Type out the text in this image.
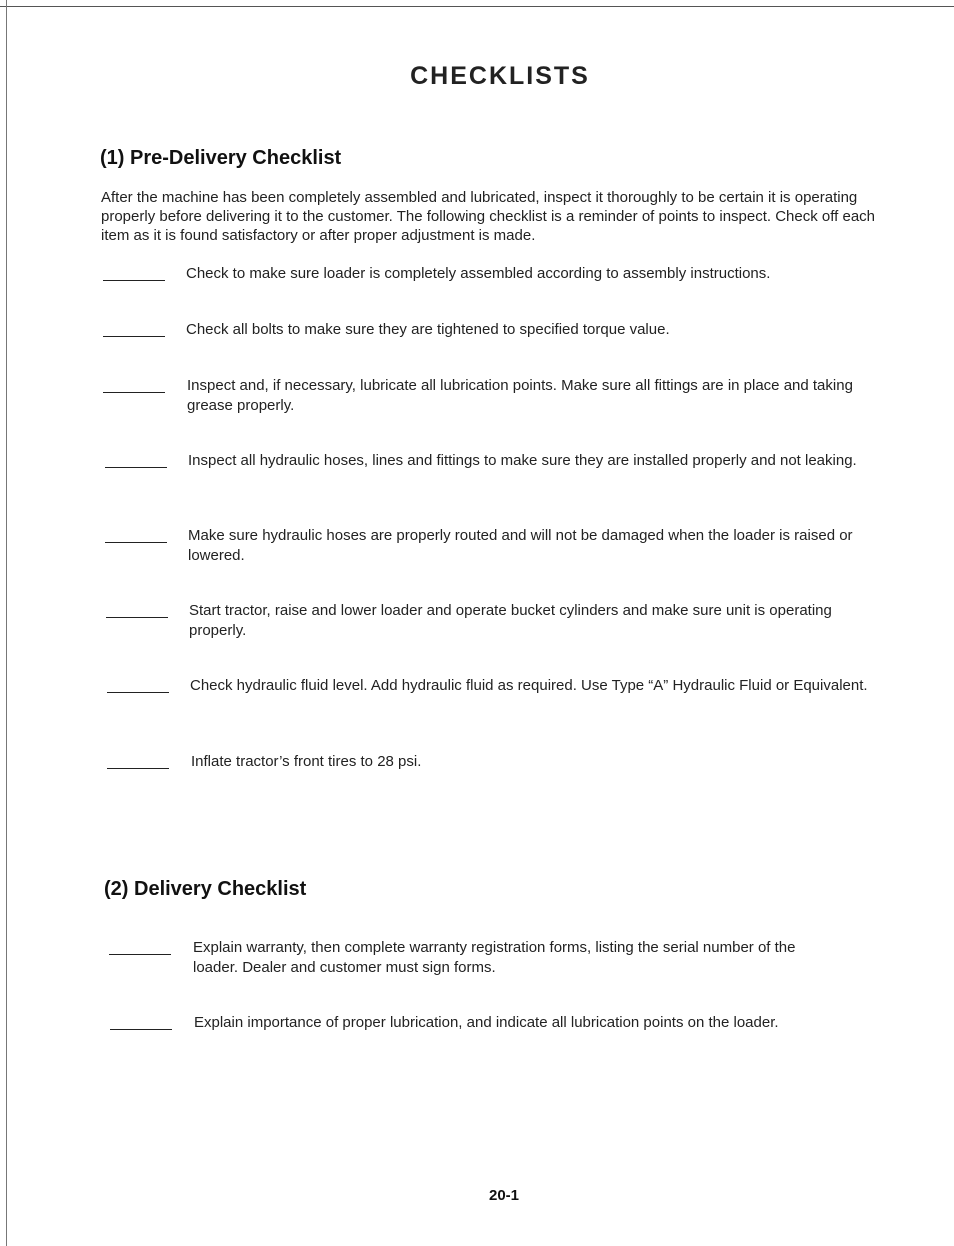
CHECKLISTS
(1) Pre-Delivery Checklist
After the machine has been completely assembled and lubricated, inspect it thoroughly to be certain it is operating properly before delivering it to the customer. The following checklist is a reminder of points to inspect. Check off each item as it is found satisfactory or after proper adjustment is made.
Check to make sure loader is completely assembled according to assembly instructions.
Check all bolts to make sure they are tightened to specified torque value.
Inspect and, if necessary, lubricate all lubrication points. Make sure all fittings are in place and taking grease properly.
Inspect all hydraulic hoses, lines and fittings to make sure they are installed properly and not leaking.
Make sure hydraulic hoses are properly routed and will not be damaged when the loader is raised or lowered.
Start tractor, raise and lower loader and operate bucket cylinders and make sure unit is operating properly.
Check hydraulic fluid level. Add hydraulic fluid as required. Use Type “A” Hydraulic Fluid or Equivalent.
Inflate tractor’s front tires to 28 psi.
(2) Delivery Checklist
Explain warranty, then complete warranty registration forms, listing the serial number of the loader. Dealer and customer must sign forms.
Explain importance of proper lubrication, and indicate all lubrication points on the loader.
20-1
